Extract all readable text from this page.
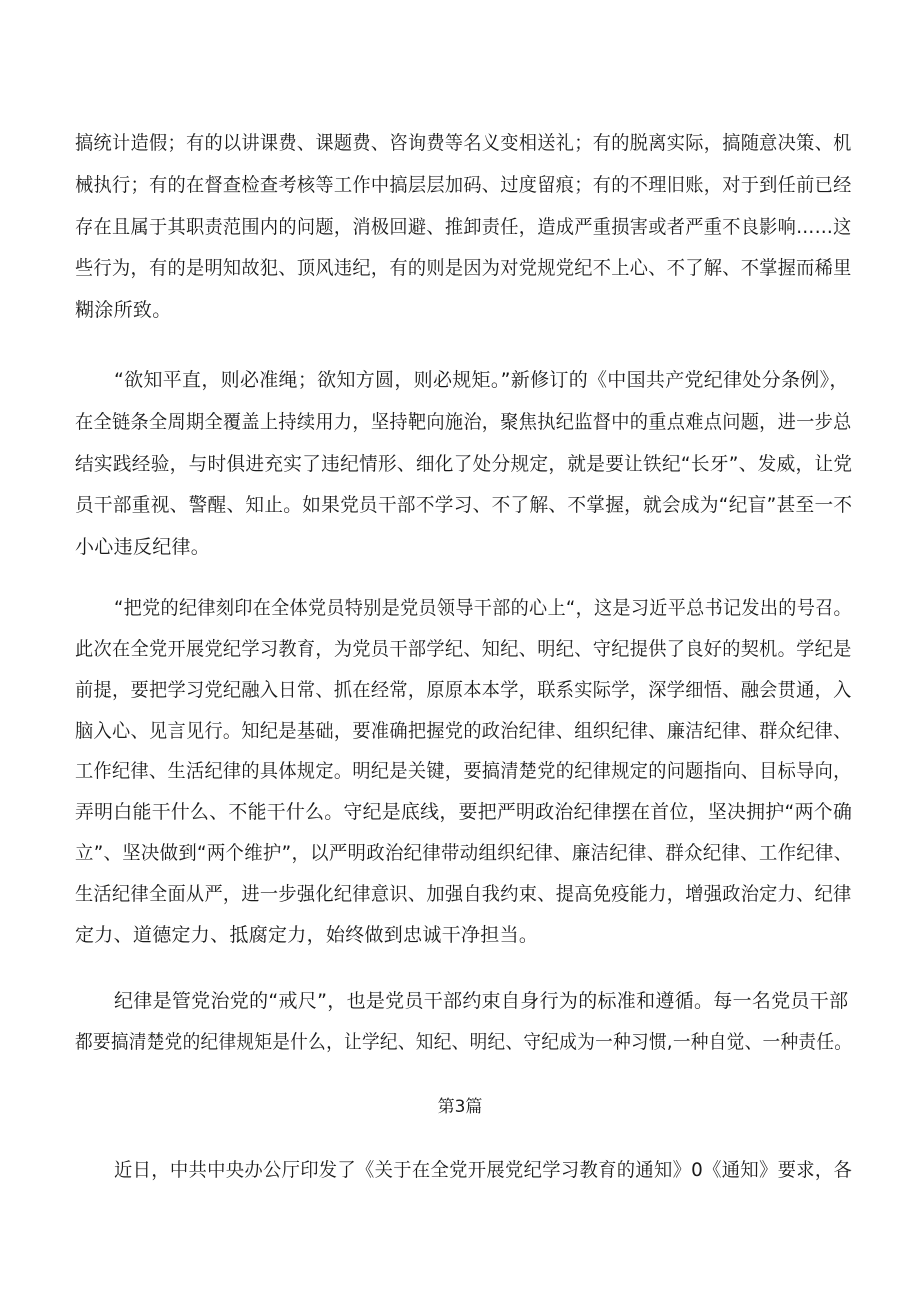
搞统计造假；有的以讲课费、课题费、咨询费等名义变相送礼；有的脱离实际，搞随意决策、机
械执行；有的在督查检查考核等工作中搞层层加码、过度留痕；有的不理旧账，对于到任前已经
存在且属于其职责范围内的问题，消极回避、推卸责任，造成严重损害或者严重不良影响……这
些行为，有的是明知故犯、顶风违纪，有的则是因为对党规党纪不上心、不了解、不掌握而稀里
糊涂所致。
“欲知平直，则必准绳；欲知方圆，则必规矩。”新修订的《中国共产党纪律处分条例》，
在全链条全周期全覆盖上持续用力，坚持靶向施治，聚焦执纪监督中的重点难点问题，进一步总
结实践经验，与时俱进充实了违纪情形、细化了处分规定，就是要让铁纪“长牙”、发威，让党
员干部重视、警醒、知止。如果党员干部不学习、不了解、不掌握，就会成为“纪盲”甚至一不
小心违反纪律。
“把党的纪律刻印在全体党员特别是党员领导干部的心上“，这是习近平总书记发出的号召。
此次在全党开展党纪学习教育，为党员干部学纪、知纪、明纪、守纪提供了良好的契机。学纪是
前提，要把学习党纪融入日常、抓在经常，原原本本学，联系实际学，深学细悟、融会贯通，入
脑入心、见言见行。知纪是基础，要准确把握党的政治纪律、组织纪律、廉洁纪律、群众纪律、
工作纪律、生活纪律的具体规定。明纪是关键，要搞清楚党的纪律规定的问题指向、目标导向，
弄明白能干什么、不能干什么。守纪是底线，要把严明政治纪律摆在首位，坚决拥护“两个确
立”、坚决做到“两个维护”，以严明政治纪律带动组织纪律、廉洁纪律、群众纪律、工作纪律、
生活纪律全面从严，进一步强化纪律意识、加强自我约束、提高免疫能力，增强政治定力、纪律
定力、道德定力、抵腐定力，始终做到忠诚干净担当。
纪律是管党治党的“戒尺”，也是党员干部约束自身行为的标准和遵循。每一名党员干部
都要搞清楚党的纪律规矩是什么，让学纪、知纪、明纪、守纪成为一种习惯,一种自觉、一种责任。
第3篇
近日，中共中央办公厅印发了《关于在全党开展党纪学习教育的通知》0《通知》要求，各
